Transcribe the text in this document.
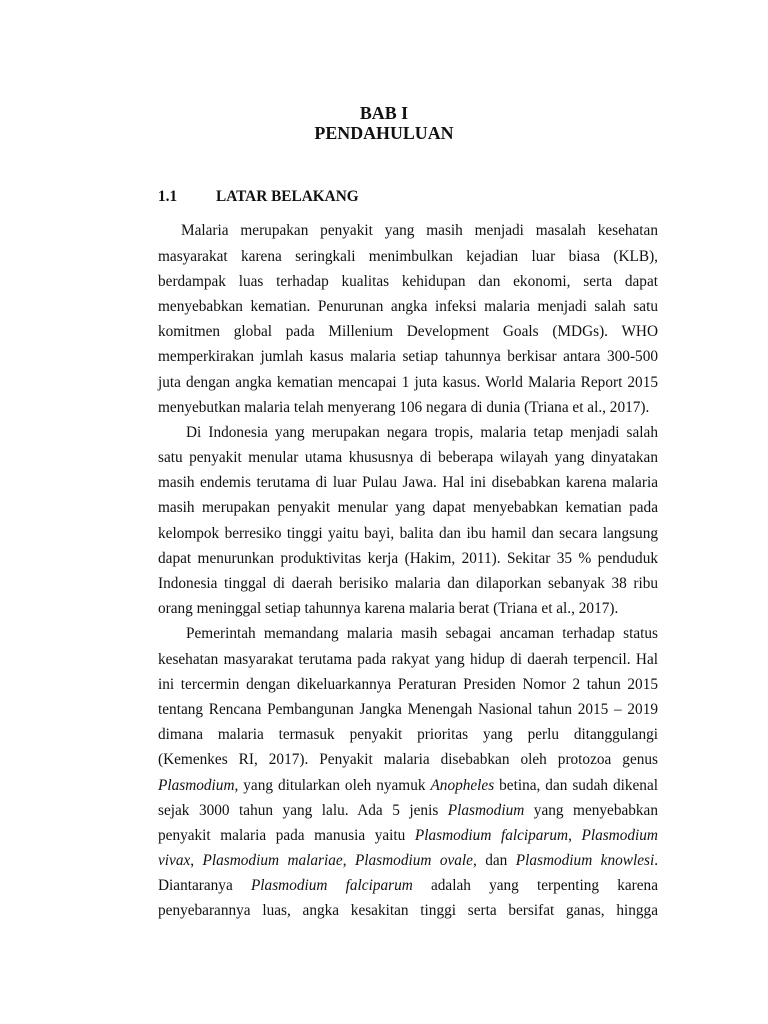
BAB I
PENDAHULUAN
1.1	LATAR BELAKANG
Malaria merupakan penyakit yang masih menjadi masalah kesehatan
masyarakat karena seringkali menimbulkan kejadian luar biasa (KLB),
berdampak luas terhadap kualitas kehidupan dan ekonomi, serta dapat
menyebabkan kematian. Penurunan angka infeksi malaria menjadi salah satu
komitmen global pada Millenium Development Goals (MDGs). WHO
memperkirakan jumlah kasus malaria setiap tahunnya berkisar antara 300-500
juta dengan angka kematian mencapai 1 juta kasus. World Malaria Report 2015
menyebutkan malaria telah menyerang 106 negara di dunia (Triana et al., 2017).
Di Indonesia yang merupakan negara tropis, malaria tetap menjadi salah
satu penyakit menular utama khususnya di beberapa wilayah yang dinyatakan
masih endemis terutama di luar Pulau Jawa. Hal ini disebabkan karena malaria
masih merupakan penyakit menular yang dapat menyebabkan kematian pada
kelompok berresiko tinggi yaitu bayi, balita dan ibu hamil dan secara langsung
dapat menurunkan produktivitas kerja (Hakim, 2011). Sekitar 35 % penduduk
Indonesia tinggal di daerah berisiko malaria dan dilaporkan sebanyak 38 ribu
orang meninggal setiap tahunnya karena malaria berat (Triana et al., 2017).
Pemerintah memandang malaria masih sebagai ancaman terhadap status
kesehatan masyarakat terutama pada rakyat yang hidup di daerah terpencil. Hal
ini tercermin dengan dikeluarkannya Peraturan Presiden Nomor 2 tahun 2015
tentang Rencana Pembangunan Jangka Menengah Nasional tahun 2015 – 2019
dimana malaria termasuk penyakit prioritas yang perlu ditanggulangi
(Kemenkes RI, 2017). Penyakit malaria disebabkan oleh protozoa genus
Plasmodium, yang ditularkan oleh nyamuk Anopheles betina, dan sudah dikenal
sejak 3000 tahun yang lalu. Ada 5 jenis Plasmodium yang menyebabkan
penyakit malaria pada manusia yaitu Plasmodium falciparum, Plasmodium
vivax, Plasmodium malariae, Plasmodium ovale, dan Plasmodium knowlesi.
Diantaranya Plasmodium falciparum adalah yang terpenting karena
penyebarannya luas, angka kesakitan tinggi serta bersifat ganas, hingga
